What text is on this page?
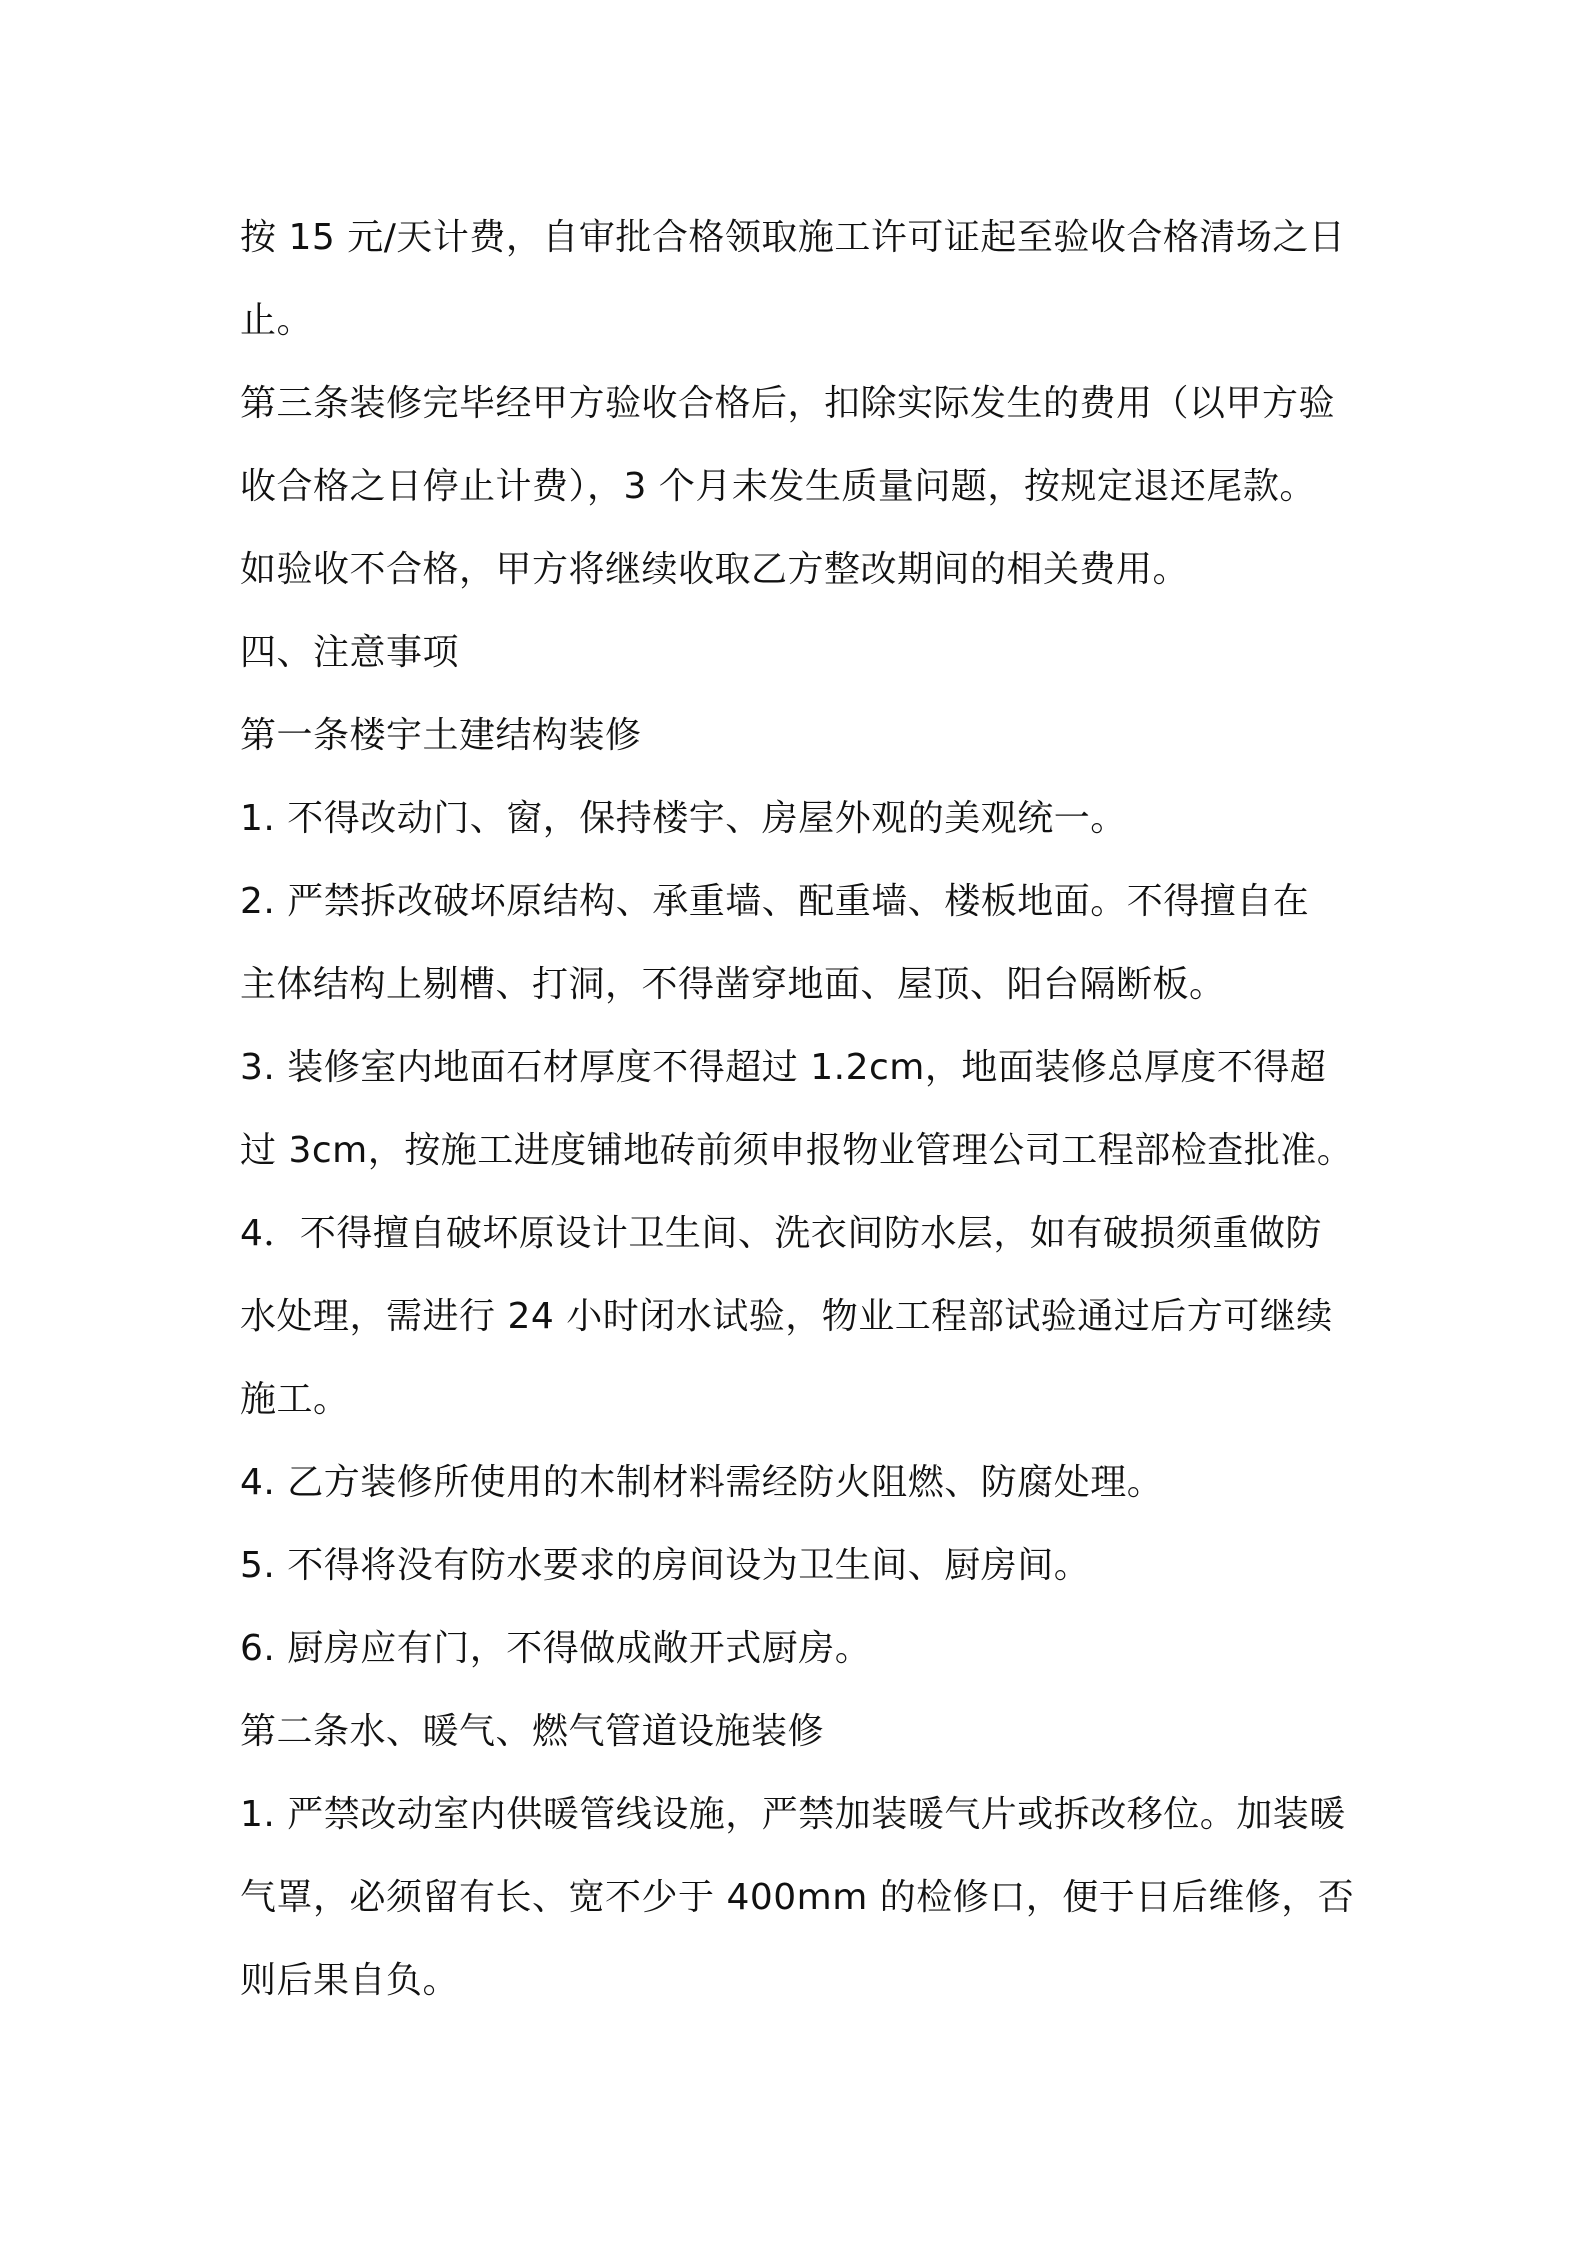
按 15 元/天计费，自审批合格领取施工许可证起至验收合格清场之日
止。
第三条装修完毕经甲方验收合格后，扣除实际发生的费用（以甲方验
收合格之日停止计费），3 个月未发生质量问题，按规定退还尾款。
如验收不合格，甲方将继续收取乙方整改期间的相关费用。
四、注意事项
第一条楼宇土建结构装修
1. 不得改动门、窗，保持楼宇、房屋外观的美观统一。
2. 严禁拆改破坏原结构、承重墙、配重墙、楼板地面。不得擅自在
主体结构上剔槽、打洞，不得凿穿地面、屋顶、阳台隔断板。
3. 装修室内地面石材厚度不得超过 1.2cm，地面装修总厚度不得超
过 3cm，按施工进度铺地砖前须申报物业管理公司工程部检查批准。
4．不得擅自破坏原设计卫生间、洗衣间防水层，如有破损须重做防
水处理，需进行 24 小时闭水试验，物业工程部试验通过后方可继续
施工。
4. 乙方装修所使用的木制材料需经防火阻燃、防腐处理。
5. 不得将没有防水要求的房间设为卫生间、厨房间。
6. 厨房应有门，不得做成敞开式厨房。
第二条水、暖气、燃气管道设施装修
1. 严禁改动室内供暖管线设施，严禁加装暖气片或拆改移位。加装暖
气罩，必须留有长、宽不少于 400mm 的检修口，便于日后维修，否
则后果自负。
